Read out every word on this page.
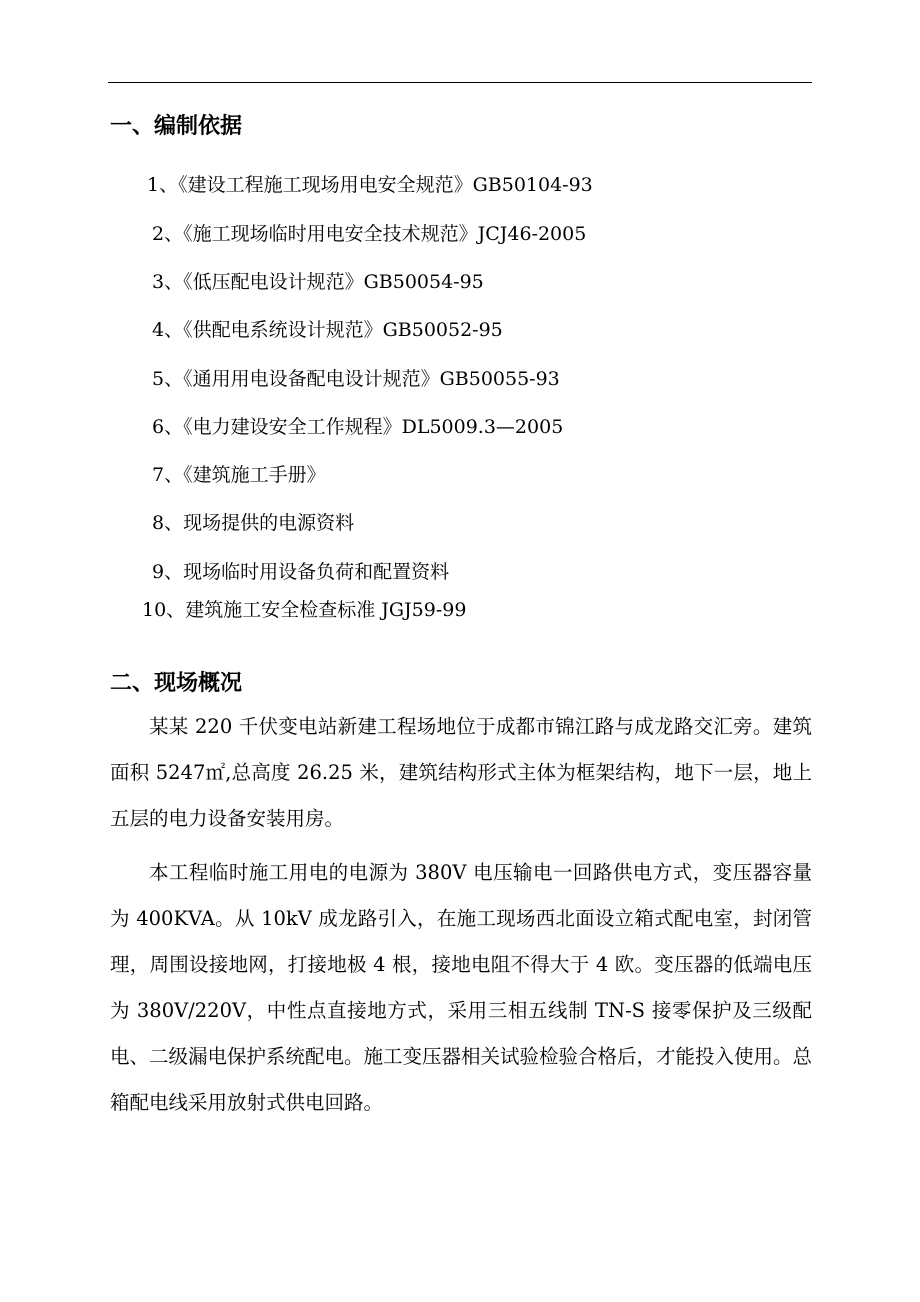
一、编制依据
1、《建设工程施工现场用电安全规范》GB50104-93
2、《施工现场临时用电安全技术规范》JCJ46-2005
3、《低压配电设计规范》GB50054-95
4、《供配电系统设计规范》GB50052-95
5、《通用用电设备配电设计规范》GB50055-93
6、《电力建设安全工作规程》DL5009.3—2005
7、《建筑施工手册》
8、现场提供的电源资料
9、现场临时用设备负荷和配置资料
10、建筑施工安全检查标准 JGJ59-99
二、现场概况

某某 220 千伏变电站新建工程场地位于成都市锦江路与成龙路交汇旁。建筑面积 5247㎡,总高度 26.25 米，建筑结构形式主体为框架结构，地下一层，地上五层的电力设备安装用房。

本工程临时施工用电的电源为 380V 电压输电一回路供电方式，变压器容量为 400KVA。从 10kV 成龙路引入，在施工现场西北面设立箱式配电室，封闭管理，周围设接地网，打接地极 4 根，接地电阻不得大于 4 欧。变压器的低端电压为 380V/220V，中性点直接地方式，采用三相五线制 TN-S 接零保护及三级配电、二级漏电保护系统配电。施工变压器相关试验检验合格后，才能投入使用。总箱配电线采用放射式供电回路。
